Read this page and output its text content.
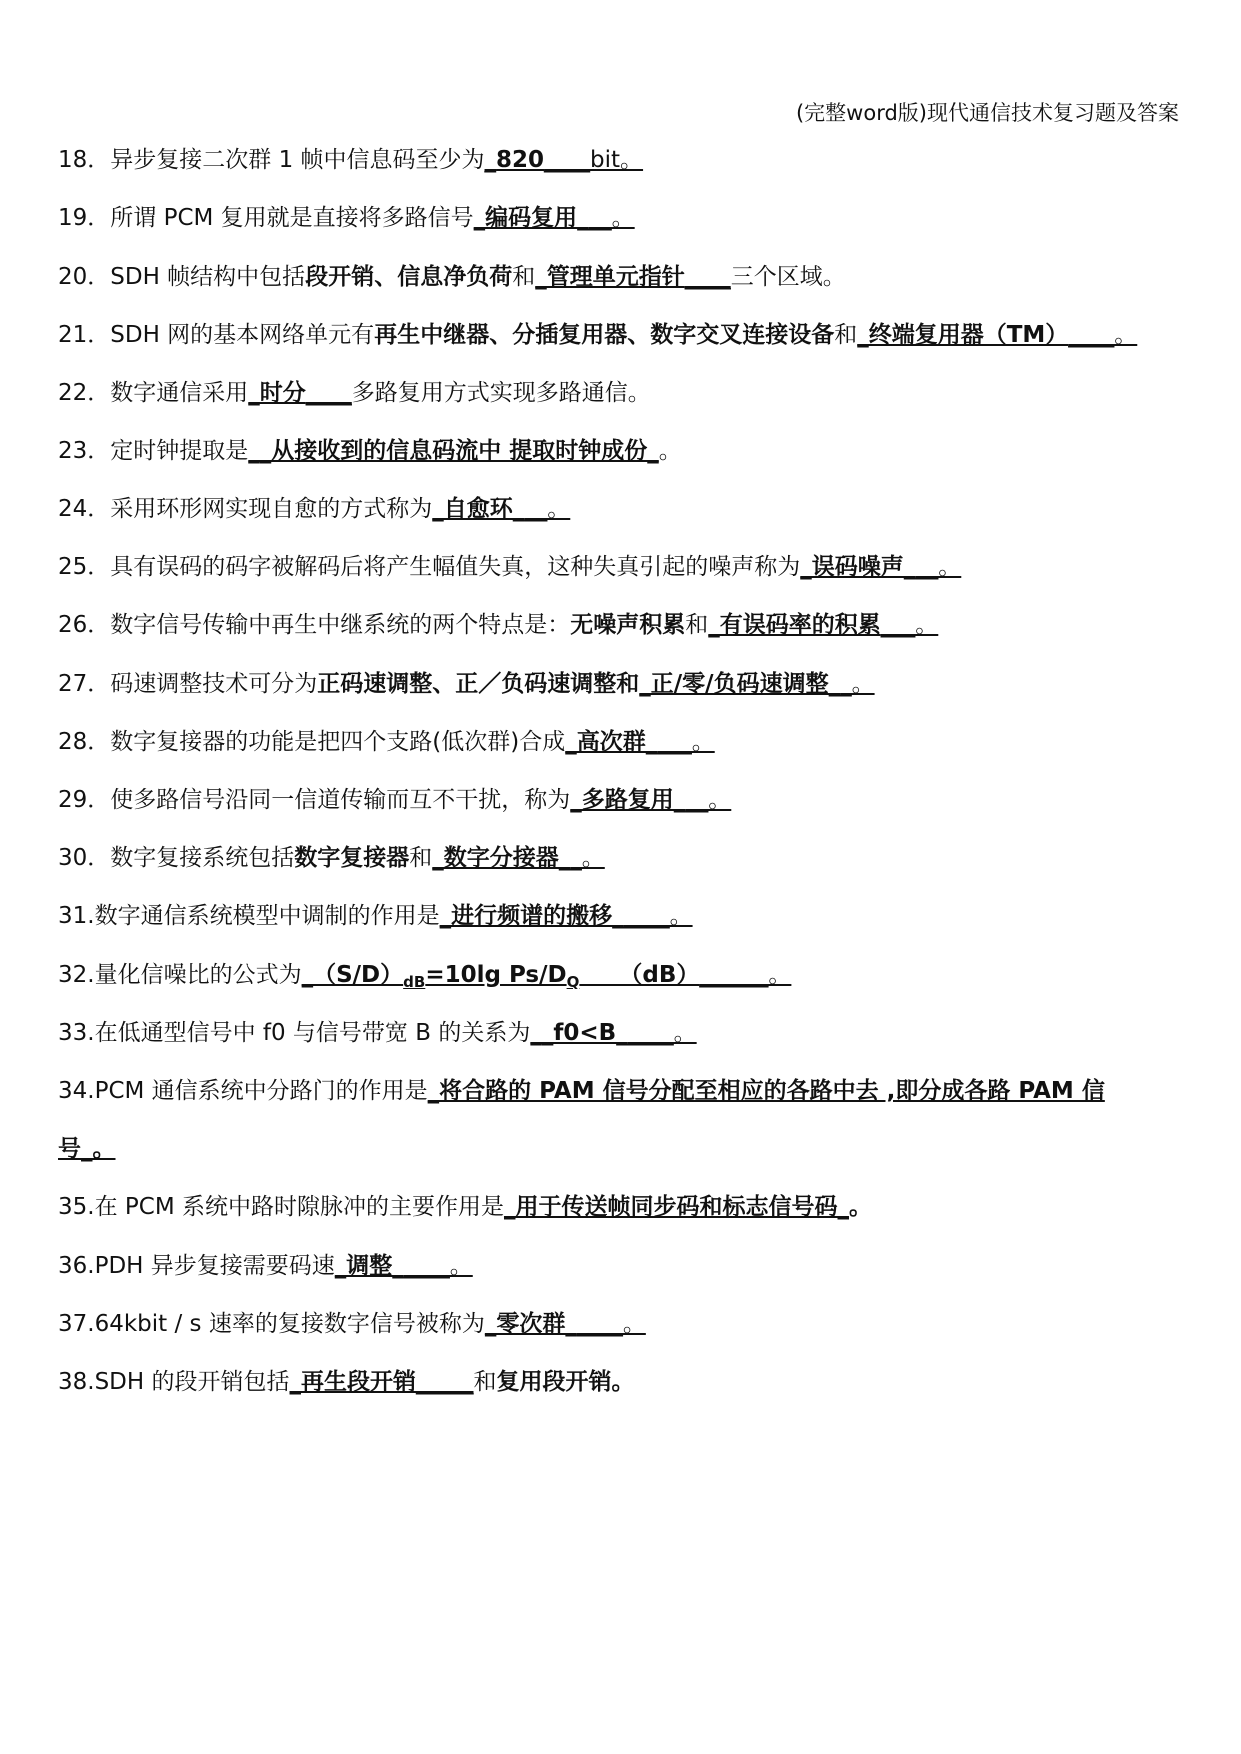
(完整word版)现代通信技术复习题及答案
18．异步复接二次群 1 帧中信息码至少为_820____bit。
19．所谓 PCM 复用就是直接将多路信号_编码复用___。
20．SDH 帧结构中包括段开销、信息净负荷和_管理单元指针____三个区域。
21．SDH 网的基本网络单元有再生中继器、分插复用器、数字交叉连接设备和_终端复用器（TM）____。
22．数字通信采用_时分____多路复用方式实现多路通信。
23．定时钟提取是__从接收到的信息码流中 提取时钟成份_。
24．采用环形网实现自愈的方式称为_自愈环___。
25．具有误码的码字被解码后将产生幅值失真，这种失真引起的噪声称为_误码噪声___。
26．数字信号传输中再生中继系统的两个特点是：无噪声积累和_有误码率的积累___。
27．码速调整技术可分为正码速调整、正／负码速调整和_正/零/负码速调整__。
28．数字复接器的功能是把四个支路(低次群)合成_高次群____。
29．使多路信号沿同一信道传输而互不干扰，称为_多路复用___。
30．数字复接系统包括数字复接器和_数字分接器__。
31.数字通信系统模型中调制的作用是_进行频谱的搬移_____。
32.量化信噪比的公式为$\_(S/D)_{dB}=10\lg$ $Ps/D_Q$     （dB）______。
33.在低通型信号中 f0 与信号带宽 B 的关系为__f0<B_____。
34.PCM 通信系统中分路门的作用是_将合路的 PAM 信号分配至相应的各路中去 ,即分成各路 PAM 信
号_。
35.在 PCM 系统中路时隙脉冲的主要作用是_用于传送帧同步码和标志信号码_。
36.PDH 异步复接需要码速_调整_____。
37.64kbit / s 速率的复接数字信号被称为_零次群_____。
38.SDH 的段开销包括_再生段开销_____和复用段开销。
